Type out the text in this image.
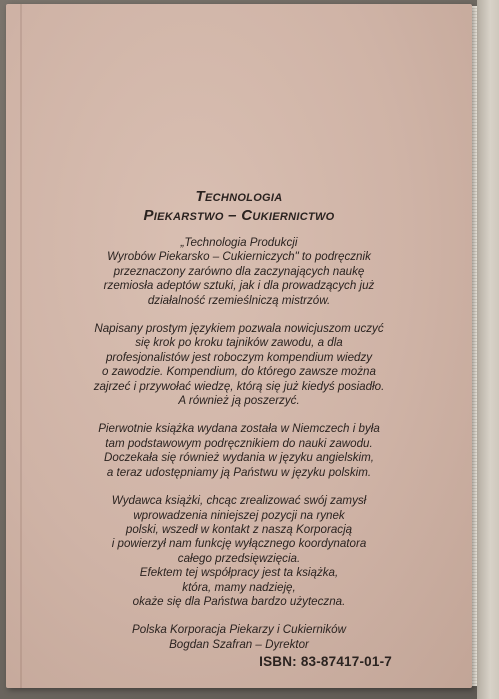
Technologia
Piekarstwo – Cukiernictwo
„Technologia Produkcji
Wyrobów Piekarsko – Cukierniczych" to podręcznik
przeznaczony zarówno dla zaczynających naukę
rzemiosła adeptów sztuki, jak i dla prowadzących już
działalność rzemieślniczą mistrzów.
Napisany prostym językiem pozwala nowicjuszom uczyć
się krok po kroku tajników zawodu, a dla
profesjonalistów jest roboczym kompendium wiedzy
o zawodzie. Kompendium, do którego zawsze można
zajrzeć i przywołać wiedzę, którą się już kiedyś posiadło.
A również ją poszerzyć.
Pierwotnie książka wydana została w Niemczech i była
tam podstawowym podręcznikiem do nauki zawodu.
Doczekała się również wydania w języku angielskim,
a teraz udostępniamy ją Państwu w języku polskim.
Wydawca książki, chcąc zrealizować swój zamysł
wprowadzenia niniejszej pozycji na rynek
polski, wszedł w kontakt z naszą Korporacją
i powierzył nam funkcję wyłącznego koordynatora
całego przedsięwzięcia.
Efektem tej współpracy jest ta książka,
która, mamy nadzieję,
okaże się dla Państwa bardzo użyteczna.
Polska Korporacja Piekarzy i Cukierników
Bogdan Szafran – Dyrektor
ISBN: 83-87417-01-7
